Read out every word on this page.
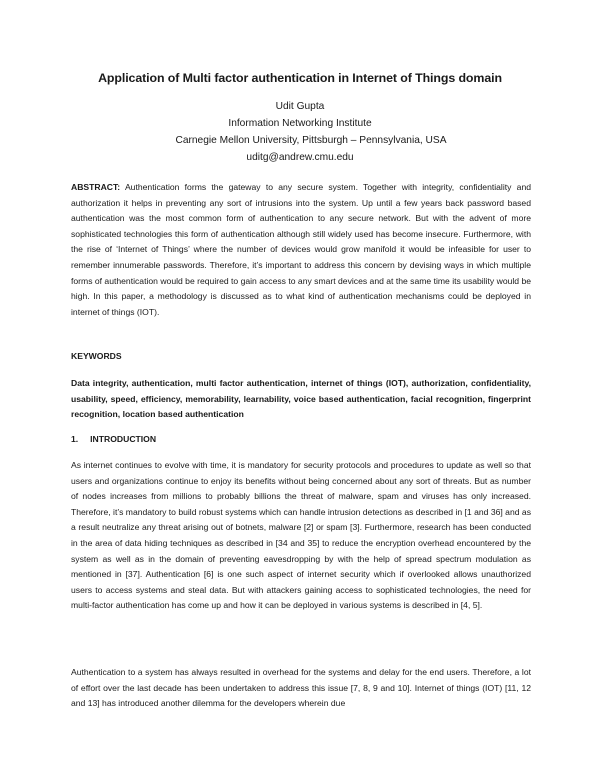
Application of Multi factor authentication in Internet of Things domain
Udit Gupta
Information Networking Institute
Carnegie Mellon University, Pittsburgh – Pennsylvania, USA
uditg@andrew.cmu.edu
ABSTRACT: Authentication forms the gateway to any secure system. Together with integrity, confidentiality and authorization it helps in preventing any sort of intrusions into the system. Up until a few years back password based authentication was the most common form of authentication to any secure network. But with the advent of more sophisticated technologies this form of authentication although still widely used has become insecure. Furthermore, with the rise of ‘Internet of Things’ where the number of devices would grow manifold it would be infeasible for user to remember innumerable passwords. Therefore, it’s important to address this concern by devising ways in which multiple forms of authentication would be required to gain access to any smart devices and at the same time its usability would be high. In this paper, a methodology is discussed as to what kind of authentication mechanisms could be deployed in internet of things (IOT).
KEYWORDS
Data integrity, authentication, multi factor authentication, internet of things (IOT), authorization, confidentiality, usability, speed, efficiency, memorability, learnability, voice based authentication, facial recognition, fingerprint recognition, location based authentication
1. INTRODUCTION
As internet continues to evolve with time, it is mandatory for security protocols and procedures to update as well so that users and organizations continue to enjoy its benefits without being concerned about any sort of threats. But as number of nodes increases from millions to probably billions the threat of malware, spam and viruses has only increased. Therefore, it’s mandatory to build robust systems which can handle intrusion detections as described in [1 and 36] and as a result neutralize any threat arising out of botnets, malware [2] or spam [3]. Furthermore, research has been conducted in the area of data hiding techniques as described in [34 and 35] to reduce the encryption overhead encountered by the system as well as in the domain of preventing eavesdropping by with the help of spread spectrum modulation as mentioned in [37]. Authentication [6] is one such aspect of internet security which if overlooked allows unauthorized users to access systems and steal data. But with attackers gaining access to sophisticated technologies, the need for multi-factor authentication has come up and how it can be deployed in various systems is described in [4, 5].
Authentication to a system has always resulted in overhead for the systems and delay for the end users. Therefore, a lot of effort over the last decade has been undertaken to address this issue [7, 8, 9 and 10]. Internet of things (IOT) [11, 12 and 13] has introduced another dilemma for the developers wherein due
